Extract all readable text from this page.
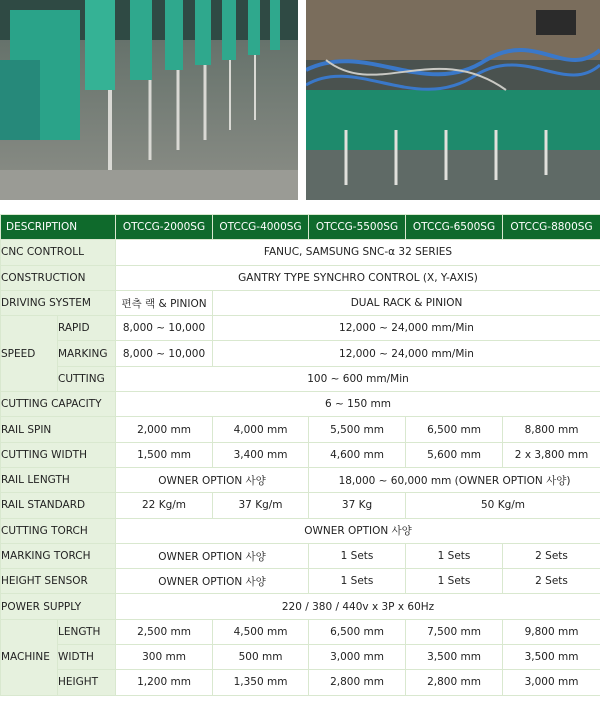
DESCRIPTION		OTCCG-2000SG	OTCCG-4000SG	OTCCG-5500SG	OTCCG-6500SG	OTCCG-8800SG
CNC CONTROLL		FANUC, SAMSUNG SNC-α 32 SERIES				
CONSTRUCTION		GANTRY TYPE SYNCHRO CONTROL (X, Y-AXIS)				
DRIVING SYSTEM		편측 랙 & PINION	DUAL RACK & PINION			
SPEED	RAPID	8,000 ~ 10,000	12,000 ~ 24,000 mm/Min			
	MARKING	8,000 ~ 10,000	12,000 ~ 24,000 mm/Min			
	CUTTING	100 ~ 600 mm/Min				
CUTTING CAPACITY		6 ~ 150 mm				
RAIL SPIN		2,000 mm	4,000 mm	5,500 mm	6,500 mm	8,800 mm
CUTTING WIDTH		1,500 mm	3,400 mm	4,600 mm	5,600 mm	2 x 3,800 mm
RAIL LENGTH		OWNER OPTION 사양		18,000 ~ 60,000 mm (OWNER OPTION 사양)		
RAIL STANDARD		22 Kg/m	37 Kg/m	37 Kg	50 Kg/m	
CUTTING TORCH		OWNER OPTION 사양				
MARKING TORCH		OWNER OPTION 사양		1 Sets	1 Sets	2 Sets
HEIGHT SENSOR		OWNER OPTION 사양		1 Sets	1 Sets	2 Sets
POWER SUPPLY		220 / 380 / 440v x 3P x 60Hz				
MACHINE	LENGTH	2,500 mm	4,500 mm	6,500 mm	7,500 mm	9,800 mm
	WIDTH	300 mm	500 mm	3,000 mm	3,500 mm	3,500 mm
	HEIGHT	1,200 mm	1,350 mm	2,800 mm	2,800 mm	3,000 mm
